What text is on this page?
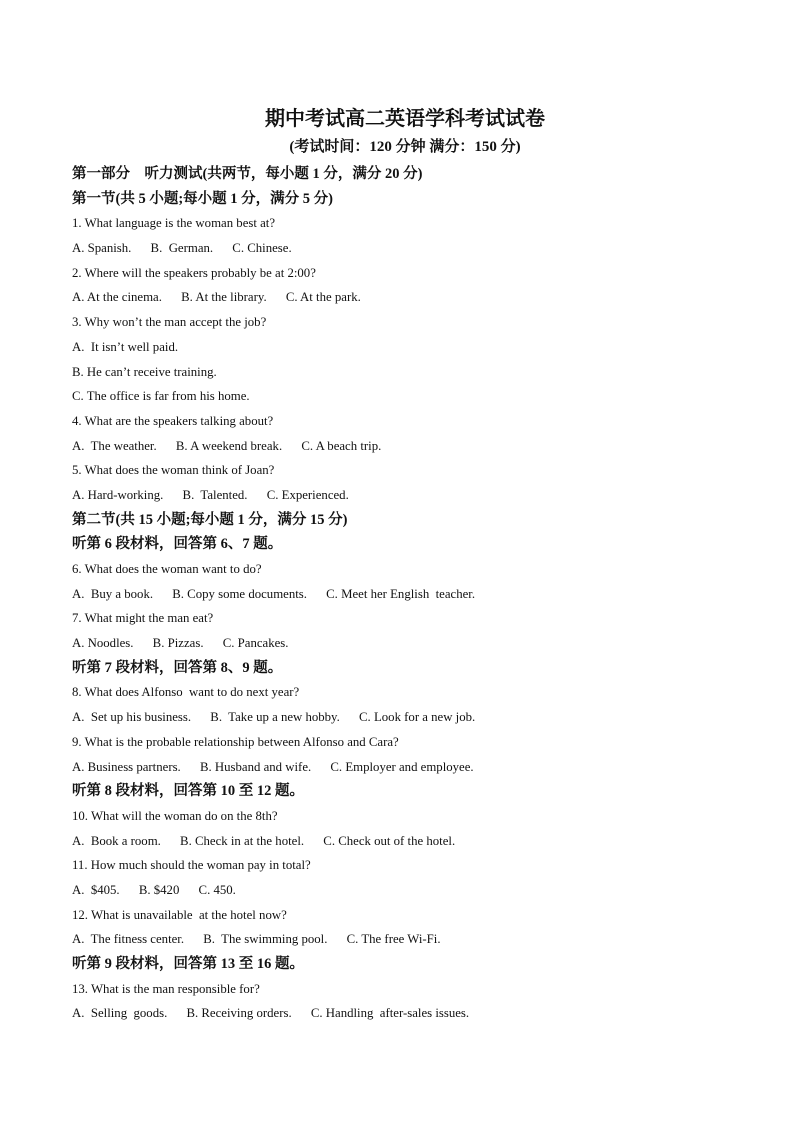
期中考试高二英语学科考试试卷
(考试时间：120 分钟 满分：150 分)
第一部分    听力测试(共两节，每小题 1 分，满分 20 分)
第一节(共 5 小题;每小题 1 分，满分 5 分)
1. What language is the woman best at?
A. Spanish.      B.  German.      C. Chinese.
2. Where will the speakers probably be at 2:00?
A. At the cinema.      B. At the library.      C. At the park.
3. Why won’t the man accept the job?
A.  It isn’t well paid.
B. He can’t receive training.
C. The office is far from his home.
4. What are the speakers talking about?
A.  The weather.      B. A weekend break.      C. A beach trip.
5. What does the woman think of Joan?
A. Hard-working.      B.  Talented.      C. Experienced.
第二节(共 15 小题;每小题 1 分，满分 15 分)
听第 6 段材料，回答第 6、7 题。
6. What does the woman want to do?
A.  Buy a book.      B. Copy some documents.      C. Meet her English  teacher.
7. What might the man eat?
A. Noodles.      B. Pizzas.      C. Pancakes.
听第 7 段材料，回答第 8、9 题。
8. What does Alfonso  want to do next year?
A.  Set up his business.      B.  Take up a new hobby.      C. Look for a new job.
9. What is the probable relationship between Alfonso and Cara?
A. Business partners.      B. Husband and wife.      C. Employer and employee.
听第 8 段材料，回答第 10 至 12 题。
10. What will the woman do on the 8th?
A.  Book a room.      B. Check in at the hotel.      C. Check out of the hotel.
11. How much should the woman pay in total?
A.  $405.      B. $420      C. 450.
12. What is unavailable  at the hotel now?
A.  The fitness center.      B.  The swimming pool.      C. The free Wi-Fi.
听第 9 段材料，回答第 13 至 16 题。
13. What is the man responsible for?
A.  Selling  goods.      B. Receiving orders.      C. Handling  after-sales issues.
